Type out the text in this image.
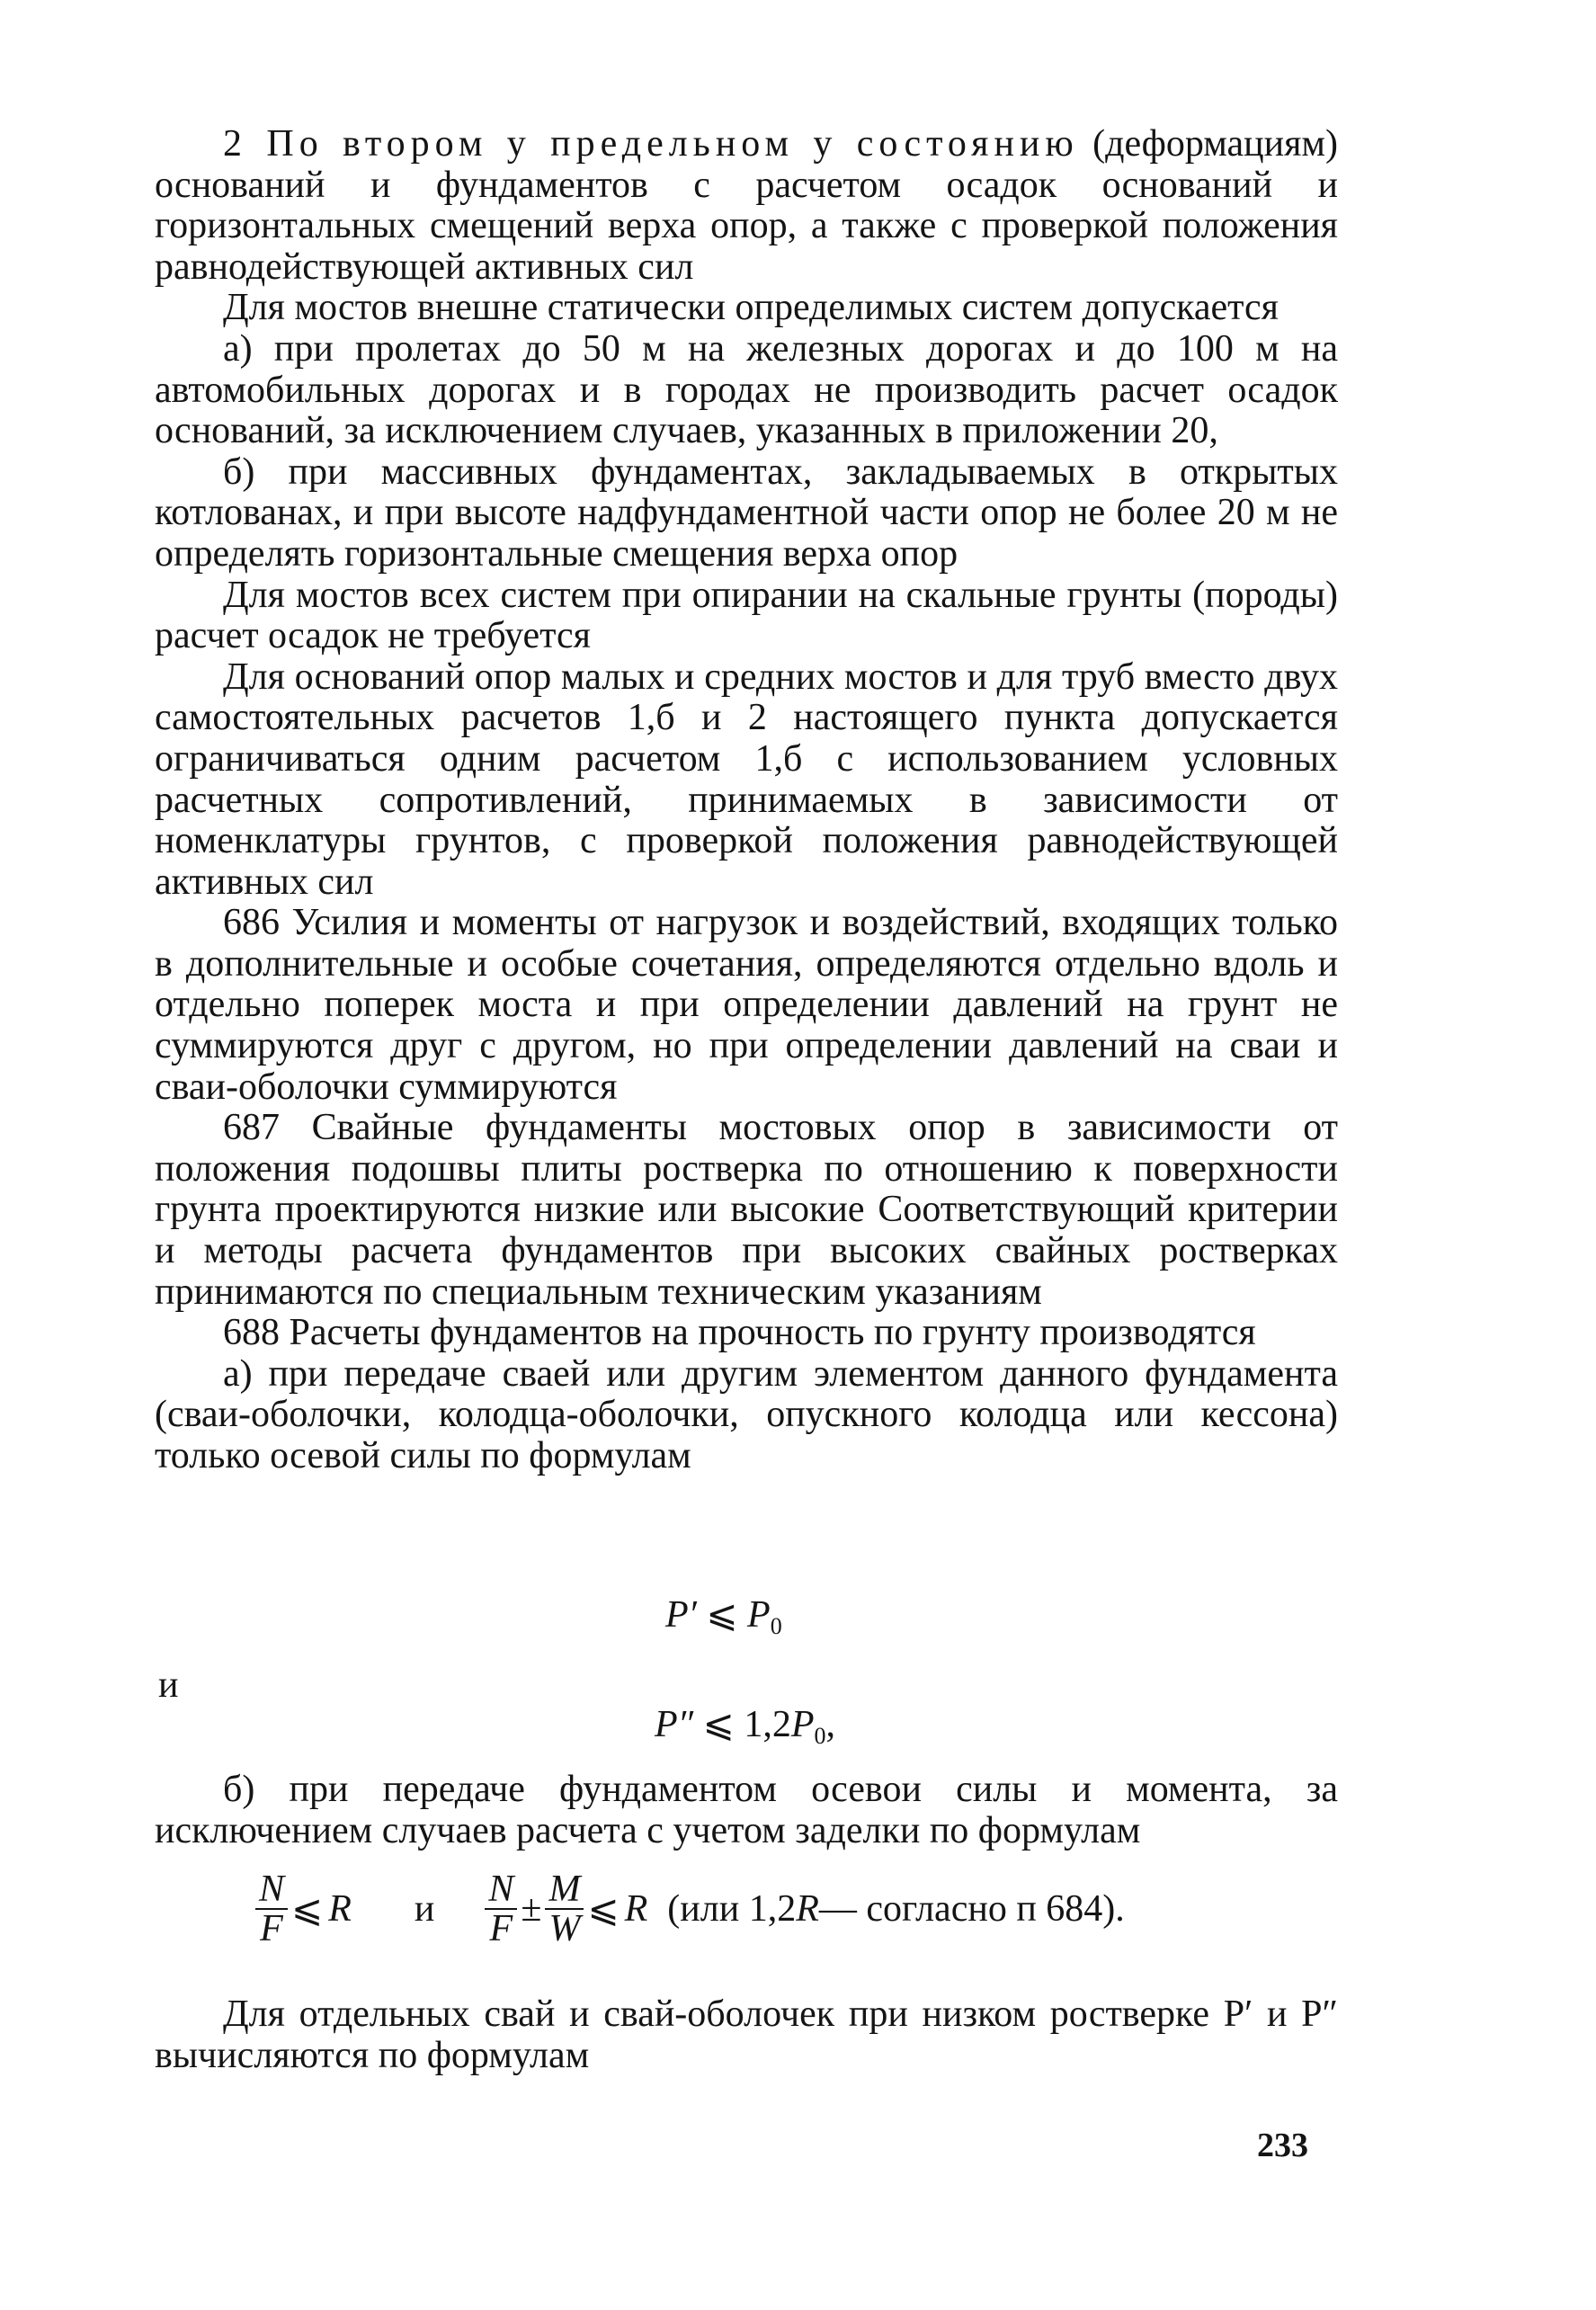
2 По втором у предельном у состоянию (деформациям) оснований и фундаментов с расчетом осадок оснований и горизонтальных смещений верха опор, а также с проверкой положения равнодействующей активных сил

Для мостов внешне статически определимых систем допускается

а) при пролетах до 50 м на железных дорогах и до 100 м на автомобильных дорогах и в городах не производить расчет осадок оснований, за исключением случаев, указанных в приложении 20,

б) при массивных фундаментах, закладываемых в открытых котлованах, и при высоте надфундаментной части опор не более 20 м не определять горизонтальные смещения верха опор

Для мостов всех систем при опирании на скальные грунты (породы) расчет осадок не требуется

Для оснований опор малых и средних мостов и для труб вместо двух самостоятельных расчетов 1,б и 2 настоящего пункта допускается ограничиваться одним расчетом 1,б с использованием условных расчетных сопротивлений, принимаемых в зависимости от номенклатуры грунтов, с проверкой положения равнодействующей активных сил

686 Усилия и моменты от нагрузок и воздействий, входящих только в дополнительные и особые сочетания, определяются отдельно вдоль и отдельно поперек моста и при определении давлений на грунт не суммируются друг с другом, но при определении давлений на сваи и сваи-оболочки суммируются

687 Свайные фундаменты мостовых опор в зависимости от положения подошвы плиты ростверка по отношению к поверхности грунта проектируются низкие или высокие Соответствующий критерии и методы расчета фундаментов при высоких свайных ростверках принимаются по специальным техническим указаниям

688 Расчеты фундаментов на прочность по грунту производятся

а) при передаче сваей или другим элементом данного фундамента (сваи-оболочки, колодца-оболочки, опускного колодца или кессона) только осевой силы по формулам

P′ ⩽ $P_0$
и
P″ ⩽ $1,2P_0$,

б) при передаче фундаментом осевои силы и момента, за исключением случаев расчета с учетом заделки по формулам

$\frac{N}{F}$ ⩽ R и $\frac{N}{F} \pm \frac{M}{W}$ ⩽ R (или 1,2 R — согласно п 684).

Для отдельных свай и свай-оболочек при низком ростверке P′ и P″ вычисляются по формулам

233
